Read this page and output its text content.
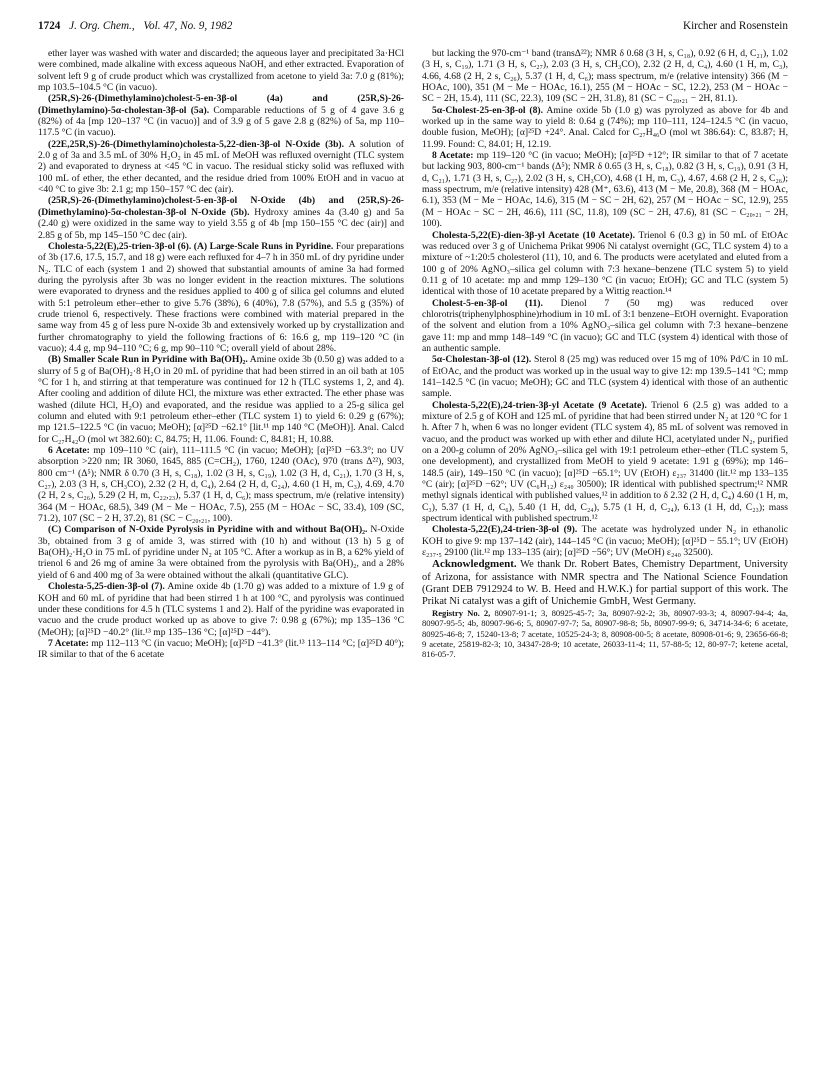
1724 J. Org. Chem., Vol. 47, No. 9, 1982	Kircher and Rosenstein

ether layer was washed with water and discarded; the aqueous layer and precipitated 3a·HCl were combined, made alkaline with excess aqueous NaOH, and ether extracted. Evaporation of solvent left 9 g of crude product which was crystallized from acetone to yield 3a: 7.0 g (81%); mp 103.5–104.5 °C (in vacuo).

(25R,S)-26-(Dimethylamino)cholest-5-en-3β-ol (4a) and (25R,S)-26-(Dimethylamino)-5α-cholestan-3β-ol (5a). Comparable reductions of 5 g of 4 gave 3.6 g (82%) of 4a [mp 120–137 °C (in vacuo)] and of 3.9 g of 5 gave 2.8 g (82%) of 5a, mp 110–117.5 °C (in vacuo).

(22E,25R,S)-26-(Dimethylamino)cholesta-5,22-dien-3β-ol N-Oxide (3b). A solution of 2.0 g of 3a and 3.5 mL of 30% H₂O₂ in 45 mL of MeOH was refluxed overnight (TLC system 2) and evaporated to dryness at <45 °C in vacuo. The residual sticky solid was refluxed with 100 mL of ether, the ether decanted, and the residue dried from 100% EtOH and in vacuo at <40 °C to give 3b: 2.1 g; mp 150–157 °C dec (air).

(25R,S)-26-(Dimethylamino)cholest-5-en-3β-ol N-Oxide (4b) and (25R,S)-26-(Dimethylamino)-5α-cholestan-3β-ol N-Oxide (5b). Hydroxy amines 4a (3.40 g) and 5a (2.40 g) were oxidized in the same way to yield 3.55 g of 4b [mp 150–155 °C dec (air)] and 2.85 g of 5b, mp 145–150 °C dec (air).

Cholesta-5,22(E),25-trien-3β-ol (6). (A) Large-Scale Runs in Pyridine. Four preparations of 3b (17.6, 17.5, 15.7, and 18 g) were each refluxed for 4–7 h in 350 mL of dry pyridine under N₂. TLC of each (system 1 and 2) showed that substantial amounts of amine 3a had formed during the pyrolysis after 3b was no longer evident in the reaction mixtures. The solutions were evaporated to dryness and the residues applied to 400 g of silica gel columns and eluted with 5:1 petroleum ether–ether to give 5.76 (38%), 6 (40%), 7.8 (57%), and 5.5 g (35%) of crude trienol 6, respectively. These fractions were combined with material prepared in the same way from 45 g of less pure N-oxide 3b and extensively worked up by crystallization and further chromatography to yield the following fractions of 6: 16.6 g, mp 119–120 °C (in vacuo); 4.4 g, mp 94–110 °C; 6 g, mp 90–110 °C; overall yield of about 28%.

(B) Smaller Scale Run in Pyridine with Ba(OH)₂. Amine oxide 3b (0.50 g) was added to a slurry of 5 g of Ba(OH)₂·8 H₂O in 20 mL of pyridine that had been stirred in an oil bath at 105 °C for 1 h, and stirring at that temperature was continued for 12 h (TLC systems 1, 2, and 4). After cooling and addition of dilute HCl, the mixture was ether extracted. The ether phase was washed (dilute HCl, H₂O) and evaporated, and the residue was applied to a 25-g silica gel column and eluted with 9:1 petroleum ether–ether (TLC system 1) to yield 6: 0.29 g (67%); mp 121.5–122.5 °C (in vacuo; MeOH); [α]²⁵D −62.1° [lit.¹¹ mp 140 °C (MeOH)]. Anal. Calcd for C₂₇H₄₂O (mol wt 382.60): C, 84.75; H, 11.06. Found: C, 84.81; H, 10.88.

6 Acetate: mp 109–110 °C (air), 111–111.5 °C (in vacuo; MeOH); [α]²⁵D −63.3°; no UV absorption >220 nm; IR 3060, 1645, 885 (C=CH₂), 1760, 1240 (OAc), 970 (trans Δ²²), 903, 800 cm⁻¹ (Δ⁵); NMR δ 0.70 (3 H, s, C₁₈), 1.02 (3 H, s, C₁₉), 1.02 (3 H, d, C₂₁), 1.70 (3 H, s, C₂₇), 2.03 (3 H, s, CH₃CO), 2.32 (2 H, d, C₄), 2.64 (2 H, d, C₂₄), 4.60 (1 H, m, C₃), 4.69, 4.70 (2 H, 2 s, C₂₆), 5.29 (2 H, m, C₂₂,₂₃), 5.37 (1 H, d, C₆); mass spectrum, m/e (relative intensity) 364 (M − HOAc, 68.5), 349 (M − Me − HOAc, 7.5), 255 (M − HOAc − SC, 33.4), 109 (SC, 71.2), 107 (SC − 2 H, 37.2), 81 (SC − C₂₀,₂₁, 100).

(C) Comparison of N-Oxide Pyrolysis in Pyridine with and without Ba(OH)₂. N-Oxide 3b, obtained from 3 g of amide 3, was stirred with (10 h) and without (13 h) 5 g of Ba(OH)₂·H₂O in 75 mL of pyridine under N₂ at 105 °C. After a workup as in B, a 62% yield of trienol 6 and 26 mg of amine 3a were obtained from the pyrolysis with Ba(OH)₂, and a 28% yield of 6 and 400 mg of 3a were obtained without the alkali (quantitative GLC).

Cholesta-5,25-dien-3β-ol (7). Amine oxide 4b (1.70 g) was added to a mixture of 1.9 g of KOH and 60 mL of pyridine that had been stirred 1 h at 100 °C, and pyrolysis was continued under these conditions for 4.5 h (TLC systems 1 and 2). Half of the pyridine was evaporated in vacuo and the crude product worked up as above to give 7: 0.98 g (67%); mp 135–136 °C (MeOH); [α]²⁵D −40.2° (lit.¹³ mp 135–136 °C; [α]²⁵D −44°).

7 Acetate: mp 112–113 °C (in vacuo; MeOH); [α]²⁵D −41.3° (lit.¹³ 113–114 °C; [α]²⁵D 40°); IR similar to that of the 6 acetate

but lacking the 970-cm⁻¹ band (transΔ²²); NMR δ 0.68 (3 H, s, C₁₈), 0.92 (6 H, d, C₂₁), 1.02 (3 H, s, C₁₉), 1.71 (3 H, s, C₂₇), 2.03 (3 H, s, CH₃CO), 2.32 (2 H, d, C₄), 4.60 (1 H, m, C₃), 4.66, 4.68 (2 H, 2 s, C₂₆), 5.37 (1 H, d, C₆); mass spectrum, m/e (relative intensity) 366 (M − HOAc, 100), 351 (M − Me − HOAc, 16.1), 255 (M − HOAc − SC, 12.2), 253 (M − HOAc − SC − 2H, 15.4), 111 (SC, 22.3), 109 (SC − 2H, 31.8), 81 (SC − C₂₀,₂₁ − 2H, 81.1).

5α-Cholest-25-en-3β-ol (8). Amine oxide 5b (1.0 g) was pyrolyzed as above for 4b and worked up in the same way to yield 8: 0.64 g (74%); mp 110–111, 124–124.5 °C (in vacuo, double fusion, MeOH); [α]²⁵D +24°. Anal. Calcd for C₂₇H₄₆O (mol wt 386.64): C, 83.87; H, 11.99. Found: C, 84.01; H, 12.19.

8 Acetate: mp 119–120 °C (in vacuo; MeOH); [α]²⁵D +12°; IR similar to that of 7 acetate but lacking 903, 800-cm⁻¹ bands (Δ⁵); NMR δ 0.65 (3 H, s, C₁₈), 0.82 (3 H, s, C₁₉), 0.91 (3 H, d, C₂₁), 1.71 (3 H, s, C₂₇), 2.02 (3 H, s, CH₃CO), 4.68 (1 H, m, C₃), 4.67, 4.68 (2 H, 2 s, C₂₆); mass spectrum, m/e (relative intensity) 428 (M⁺, 63.6), 413 (M − Me, 20.8), 368 (M − HOAc, 6.1), 353 (M − Me − HOAc, 14.6), 315 (M − SC − 2H, 62), 257 (M − HOAc − SC, 12.9), 255 (M − HOAc − SC − 2H, 46.6), 111 (SC, 11.8), 109 (SC − 2H, 47.6), 81 (SC − C₂₀,₂₁ − 2H, 100).

Cholesta-5,22(E)-dien-3β-yl Acetate (10 Acetate). Trienol 6 (0.3 g) in 50 mL of EtOAc was reduced over 3 g of Unichema Prikat 9906 Ni catalyst overnight (GC, TLC system 4) to a mixture of ~1:20:5 cholesterol (11), 10, and 6. The products were acetylated and eluted from a 100 g of 20% AgNO₃–silica gel column with 7:3 hexane–benzene (TLC system 5) to yield 0.11 g of 10 acetate: mp and mmp 129–130 °C (in vacuo; EtOH); GC and TLC (system 5) identical with those of 10 acetate prepared by a Wittig reaction.¹⁴

Cholest-5-en-3β-ol (11). Dienol 7 (50 mg) was reduced over chlorotris(triphenylphosphine)rhodium in 10 mL of 3:1 benzene–EtOH overnight. Evaporation of the solvent and elution from a 10% AgNO₃–silica gel column with 7:3 hexane–benzene gave 11: mp and mmp 148–149 °C (in vacuo); GC and TLC (system 4) identical with those of an authentic sample.

5α-Cholestan-3β-ol (12). Sterol 8 (25 mg) was reduced over 15 mg of 10% Pd/C in 10 mL of EtOAc, and the product was worked up in the usual way to give 12: mp 139.5–141 °C; mmp 141–142.5 °C (in vacuo; MeOH); GC and TLC (system 4) identical with those of an authentic sample.

Cholesta-5,22(E),24-trien-3β-yl Acetate (9 Acetate). Trienol 6 (2.5 g) was added to a mixture of 2.5 g of KOH and 125 mL of pyridine that had been stirred under N₂ at 120 °C for 1 h. After 7 h, when 6 was no longer evident (TLC system 4), 85 mL of solvent was removed in vacuo, and the product was worked up with ether and dilute HCl, acetylated under N₂, purified on a 200-g column of 20% AgNO₃–silica gel with 19:1 petroleum ether–ether (TLC system 5, one development), and crystallized from MeOH to yield 9 acetate: 1.91 g (69%); mp 146–148.5 (air), 149–150 °C (in vacuo); [α]²⁵D −65.1°; UV (EtOH) ε₂₃₇ 31400 (lit.¹² mp 133–135 °C (air); [α]²⁵D −62°; UV (C₆H₁₂) ε₂₄₀ 30500); IR identical with published spectrum;¹² NMR methyl signals identical with published values,¹² in addition to δ 2.32 (2 H, d, C₄) 4.60 (1 H, m, C₃), 5.37 (1 H, d, C₆), 5.40 (1 H, dd, C₂₄), 5.75 (1 H, d, C₂₄), 6.13 (1 H, dd, C₂₃); mass spectrum identical with published spectrum.¹²

Cholesta-5,22(E),24-trien-3β-ol (9). The acetate was hydrolyzed under N₂ in ethanolic KOH to give 9: mp 137–142 (air), 144–145 °C (in vacuo; MeOH); [α]²⁵D − 55.1°; UV (EtOH) ε₂₃₇.₅ 29100 (lit.¹² mp 133–135 (air); [α]²⁵D −56°; UV (MeOH) ε₂₄₀ 32500).

Acknowledgment. We thank Dr. Robert Bates, Chemistry Department, University of Arizona, for assistance with NMR spectra and The National Science Foundation (Grant DEB 7912924 to W. B. Heed and H.W.K.) for partial support of this work. The Prikat Ni catalyst was a gift of Unichemie GmbH, West Germany.

Registry No. 2, 80907-91-1; 3, 80925-45-7; 3a, 80907-92-2; 3b, 80907-93-3; 4, 80907-94-4; 4a, 80907-95-5; 4b, 80907-96-6; 5, 80907-97-7; 5a, 80907-98-8; 5b, 80907-99-9; 6, 34714-34-6; 6 acetate, 80925-46-8; 7, 15240-13-8; 7 acetate, 10525-24-3; 8, 80908-00-5; 8 acetate, 80908-01-6; 9, 23656-66-8; 9 acetate, 25819-82-3; 10, 34347-28-9; 10 acetate, 26033-11-4; 11, 57-88-5; 12, 80-97-7; ketene acetal, 816-05-7.
